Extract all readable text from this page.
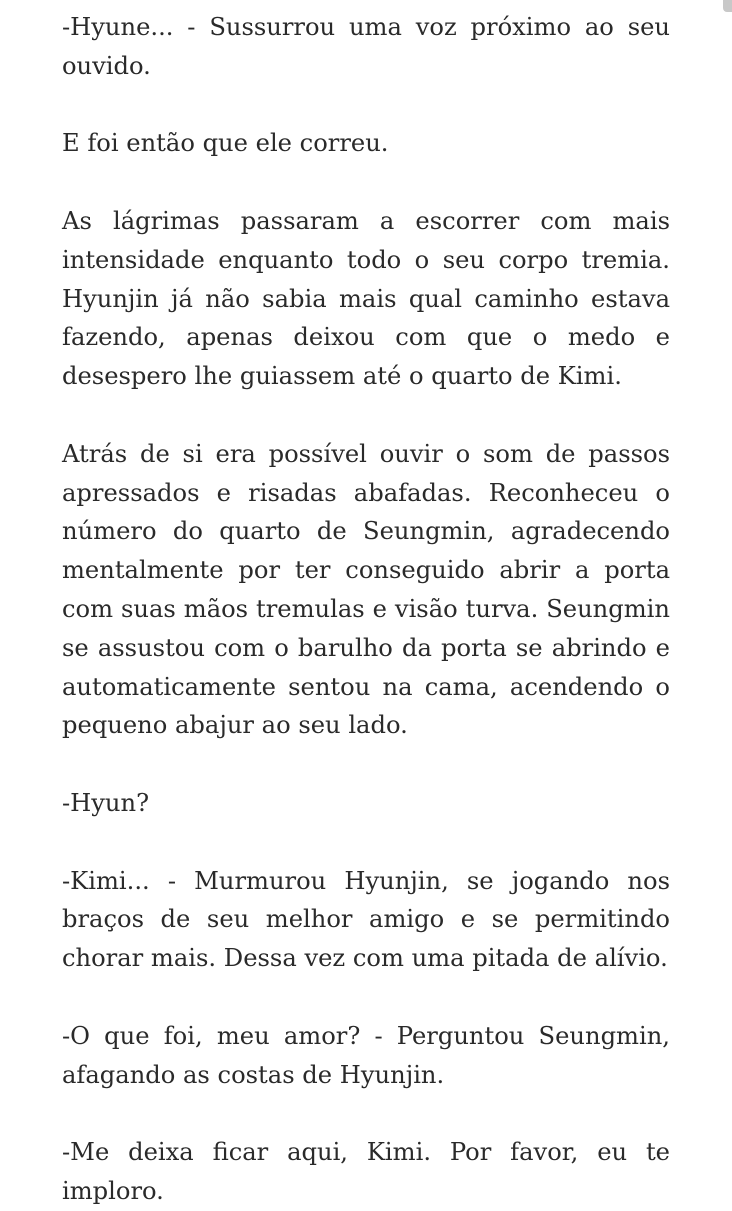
-Hyune... - Sussurrou uma voz próximo ao seu ouvido.

E foi então que ele correu.

As lágrimas passaram a escorrer com mais intensidade enquanto todo o seu corpo tremia. Hyunjin já não sabia mais qual caminho estava fazendo, apenas deixou com que o medo e desespero lhe guiassem até o quarto de Kimi.

Atrás de si era possível ouvir o som de passos apressados e risadas abafadas. Reconheceu o número do quarto de Seungmin, agradecendo mentalmente por ter conseguido abrir a porta com suas mãos tremulas e visão turva. Seungmin se assustou com o barulho da porta se abrindo e automaticamente sentou na cama, acendendo o pequeno abajur ao seu lado.

-Hyun?

-Kimi... - Murmurou Hyunjin, se jogando nos braços de seu melhor amigo e se permitindo chorar mais. Dessa vez com uma pitada de alívio.

-O que foi, meu amor? - Perguntou Seungmin, afagando as costas de Hyunjin.

-Me deixa ficar aqui, Kimi. Por favor, eu te imploro.
